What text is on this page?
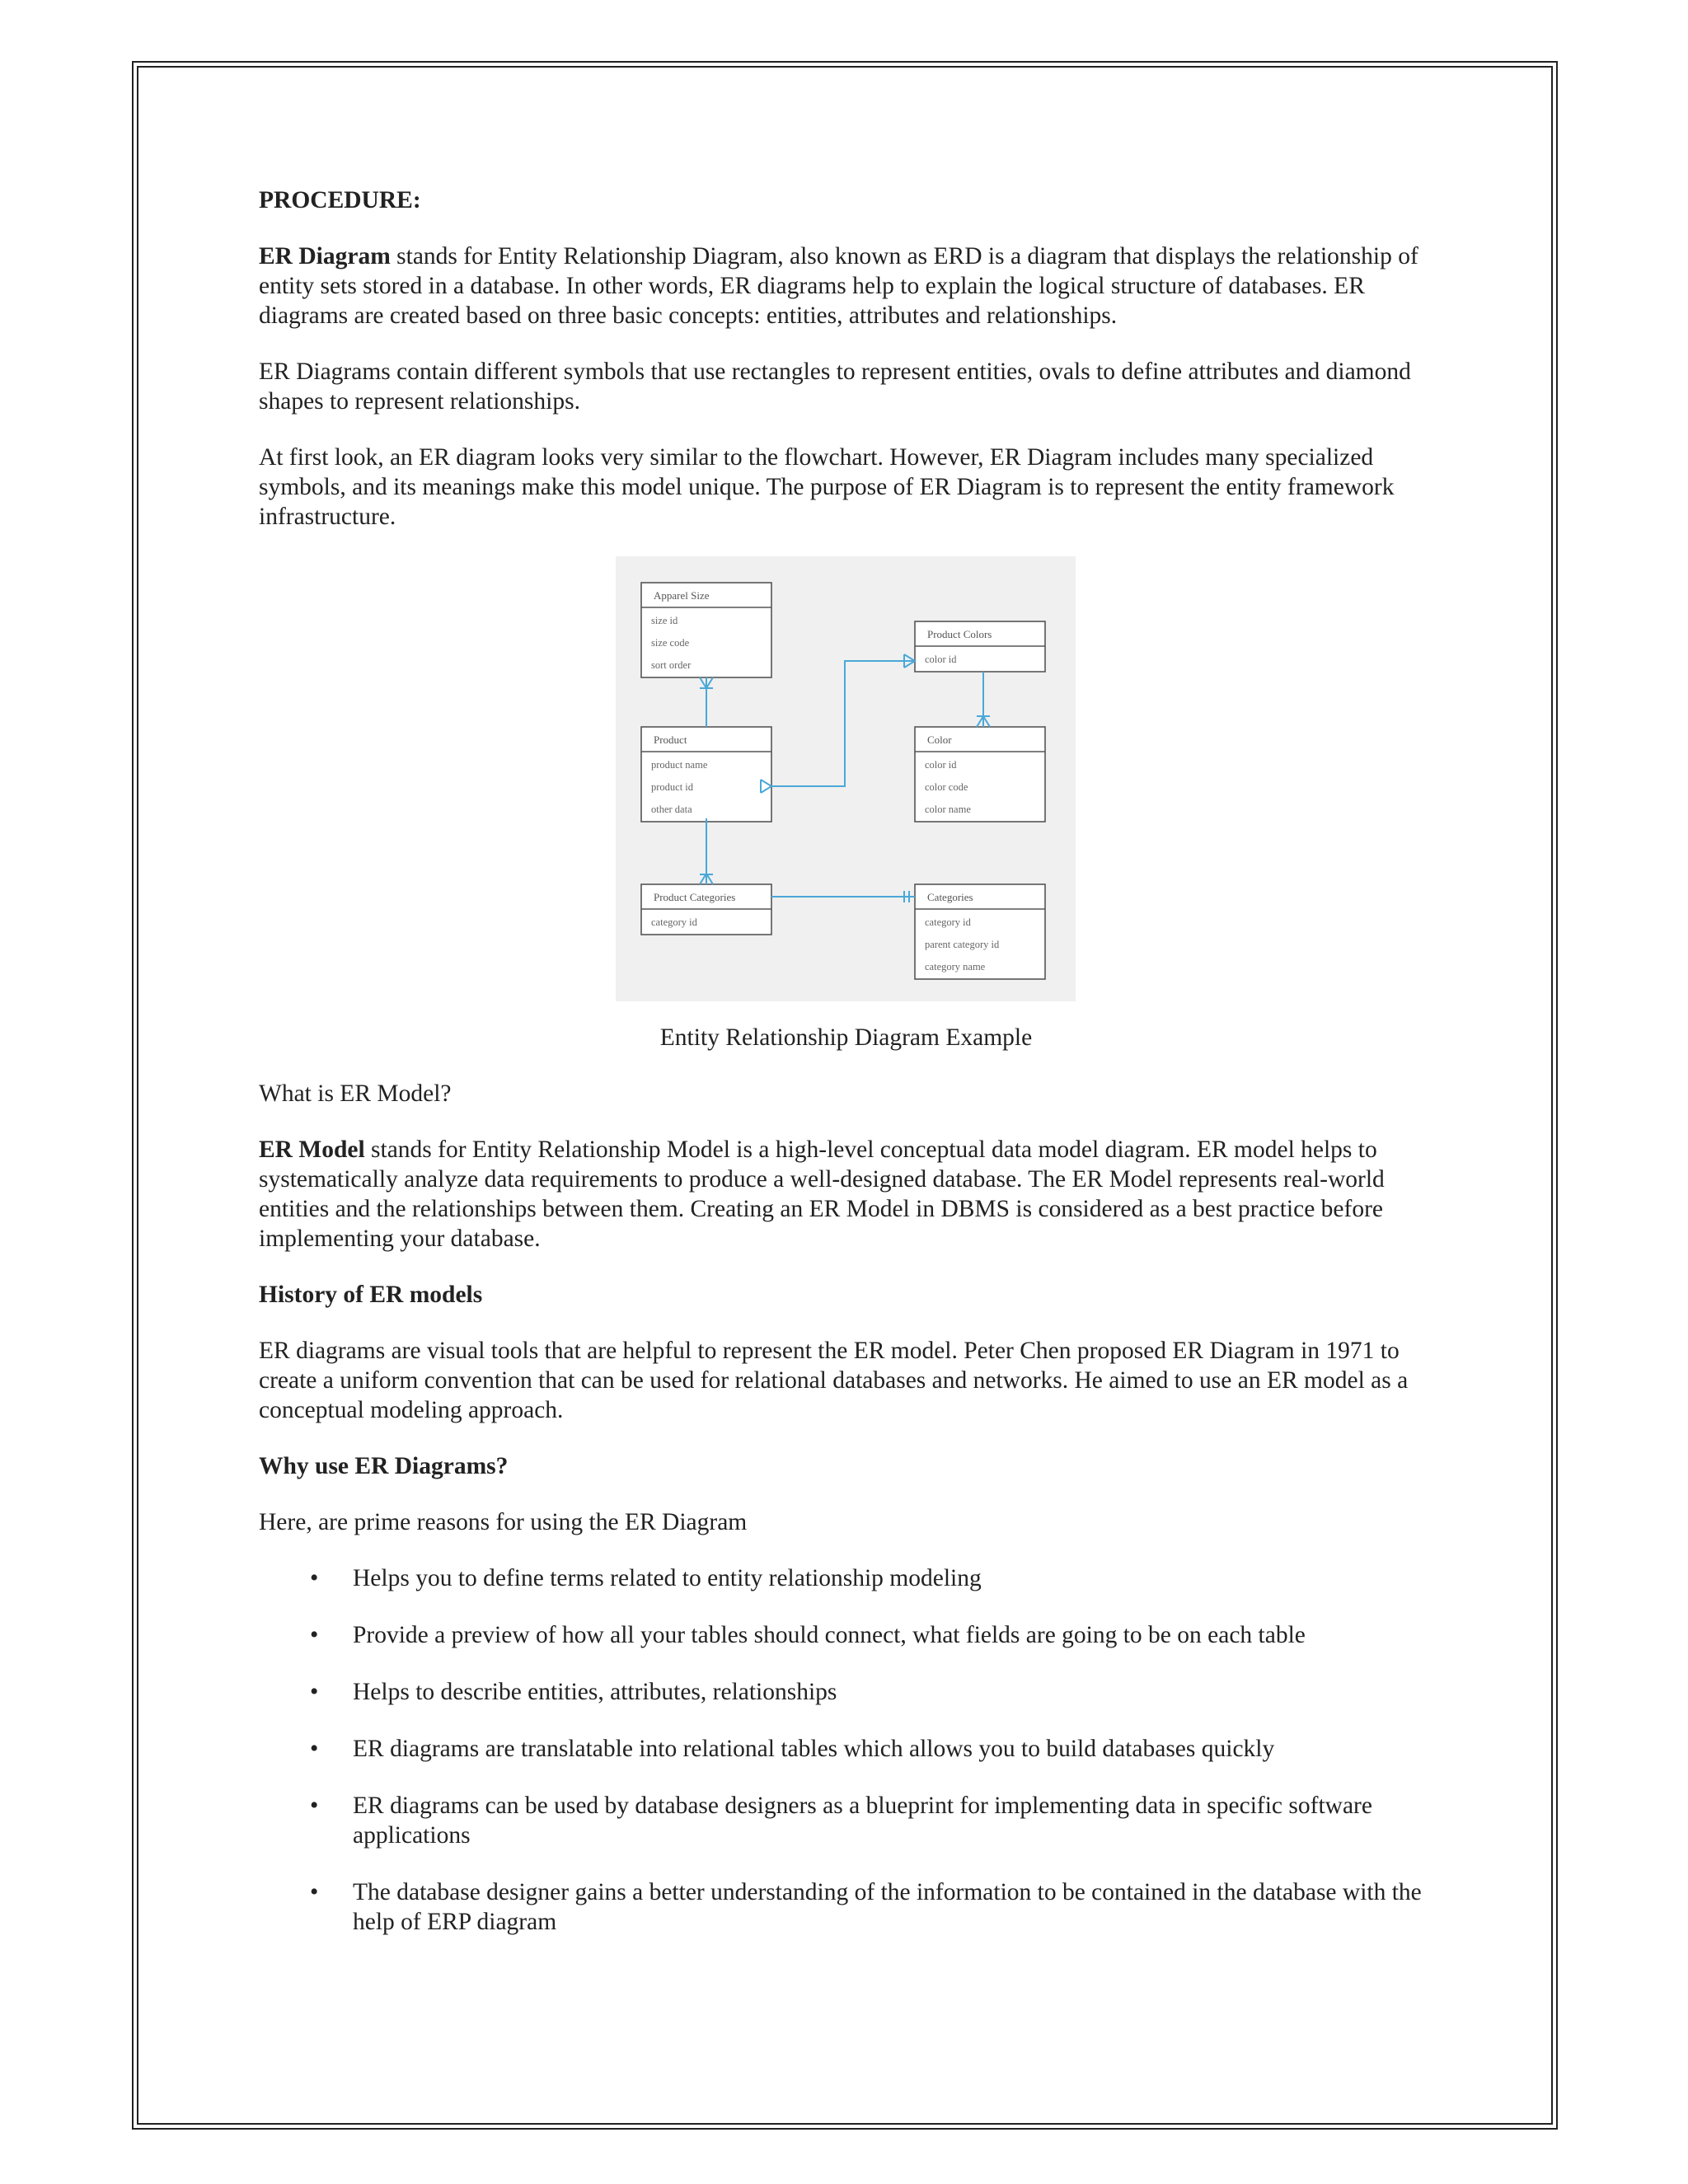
PROCEDURE:

ER Diagram stands for Entity Relationship Diagram, also known as ERD is a diagram that displays the relationship of entity sets stored in a database. In other words, ER diagrams help to explain the logical structure of databases. ER diagrams are created based on three basic concepts: entities, attributes and relationships.

ER Diagrams contain different symbols that use rectangles to represent entities, ovals to define attributes and diamond shapes to represent relationships.

At first look, an ER diagram looks very similar to the flowchart. However, ER Diagram includes many specialized symbols, and its meanings make this model unique. The purpose of ER Diagram is to represent the entity framework infrastructure.

Apparel Size
size id
size code
sort order
Product Colors
color id
Product
product name
product id
other data
Color
color id
color code
color name
Product Categories
category id
Categories
category id
parent category id
category name

Entity Relationship Diagram Example

What is ER Model?

ER Model stands for Entity Relationship Model is a high-level conceptual data model diagram. ER model helps to systematically analyze data requirements to produce a well-designed database. The ER Model represents real-world entities and the relationships between them. Creating an ER Model in DBMS is considered as a best practice before implementing your database.

History of ER models

ER diagrams are visual tools that are helpful to represent the ER model. Peter Chen proposed ER Diagram in 1971 to create a uniform convention that can be used for relational databases and networks. He aimed to use an ER model as a conceptual modeling approach.

Why use ER Diagrams?

Here, are prime reasons for using the ER Diagram

• Helps you to define terms related to entity relationship modeling
• Provide a preview of how all your tables should connect, what fields are going to be on each table
• Helps to describe entities, attributes, relationships
• ER diagrams are translatable into relational tables which allows you to build databases quickly
• ER diagrams can be used by database designers as a blueprint for implementing data in specific software applications
• The database designer gains a better understanding of the information to be contained in the database with the help of ERP diagram
